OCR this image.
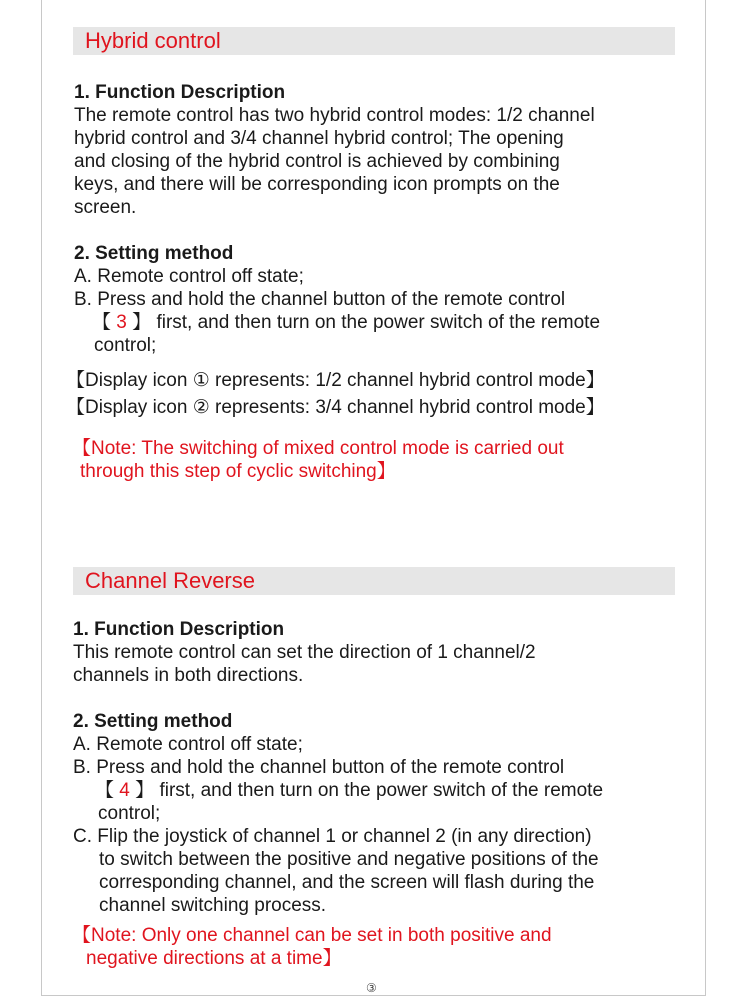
Hybrid control
1. Function Description
The remote control has two hybrid control modes: 1/2 channel
hybrid control and 3/4 channel hybrid control; The opening
and closing of the hybrid control is achieved by combining
keys, and there will be corresponding icon prompts on the
screen.
2. Setting method
A. Remote control off state;
B. Press and hold the channel button of the remote control
【 3 】 first, and then turn on the power switch of the remote
control;
【Display icon ① represents: 1/2 channel hybrid control mode】
【Display icon ② represents: 3/4 channel hybrid control mode】
【Note: The switching of mixed control mode is carried out
through this step of cyclic switching】
Channel Reverse
1. Function Description
This remote control can set the direction of 1 channel/2
channels in both directions.
2. Setting method
A. Remote control off state;
B. Press and hold the channel button of the remote control
【 4 】 first, and then turn on the power switch of the remote
control;
C. Flip the joystick of channel 1 or channel 2 (in any direction)
to switch between the positive and negative positions of the
corresponding channel, and the screen will flash during the
channel switching process.
【Note: Only one channel can be set in both positive and
negative directions at a time】
③
